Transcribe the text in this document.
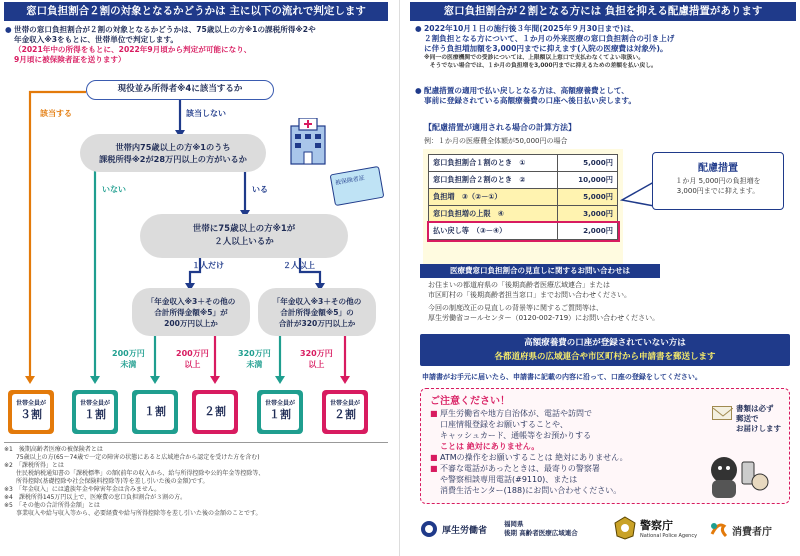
窓口負担割合２割の対象となるかどうかは 主に以下の流れで判定します
● 世帯の窓口負担割合が２割の対象となるかどうかは、75歳以上の方※1の課税所得※2や
年金収入※3をもとに、世帯単位で判定します。
（2021年中の所得をもとに、2022年9月頃から判定が可能になり、
9月頃に被保険者証を送ります）
現役並み所得者※4に該当するか
該当する	該当しない
世帯内75歳以上の方※1のうち
課税所得※2が28万円以上の方がいるか
いない	いる
被保険者証
世帯に75歳以上の方※1が
２人以上いるか
１人だけ	２人以上
「年金収入※3＋その他の
合計所得金額※5」が
200万円以上か
「年金収入※3＋その他の
合計所得金額※5」の
合計が320万円以上か
200万円
未満
200万円
以上
320万円
未満
320万円
以上
世帯全員が
３割
世帯全員が
１割	１割	２割
世帯全員が
１割
世帯全員が
２割
※1　後期高齢者医療の被保険者とは
　　75歳以上の方(65～74歳で一定の障害の状態にあると広域連合から認定を受けた方を含む)
※2　「課税所得」とは
　　住民税納税通知書の「課税標準」の額(前年の収入から、給与所得控除や公的年金等控除等、
　　所得控除(基礎控除や社会保険料控除等)等を差し引いた後の金額)です。
※3　「年金収入」には遺族年金や障害年金は含みません。
※4　課税所得145万円以上で、医療費の窓口負担割合が３割の方。
※5　「その他の合計所得金額」とは
　　事業収入や給与収入等から、必要経費や給与所得控除等を差し引いた後の金額のことです。
窓口負担割合が２割となる方には 負担を抑える配慮措置があります
● 2022年10月１日の施行後３年間(2025年９月30日まで)は、
２割負担となる方について、１か月の外来医療の窓口負担割合の引き上げ
に伴う負担増加額を3,000円までに抑えます(入院の医療費は対象外)。
※同一の医療機関での受診については、上限額以上窓口で支払わなくてよい取扱い。
　そうでない場合では、１か月の負担増を3,000円までに抑えるための差額を払い戻し。
● 配慮措置の適用で払い戻しとなる方は、高額療養費として、
事前に登録されている高額療養費の口座へ後日払い戻します。
【配慮措置が適用される場合の計算方法】
例：１か月の医療費全体額が50,000円の場合
窓口負担割合１割のとき　①	5,000円
窓口負担割合２割のとき　②	10,000円
負担増　③（②－①）	5,000円
窓口負担増の上限　④	3,000円
払い戻し等　（③－④）	2,000円
配慮措置
１か月 5,000円の負担増を
3,000円までに抑えます。
医療費窓口負担割合の見直しに関するお問い合わせは
お住まいの都道府県の「後期高齢者医療広域連合」または
市区町村の「後期高齢者担当窓口」までお問い合わせください。
今回の制度改正の見直しの背景等に関するご質問等は、
厚生労働省コールセンター（0120-002-719）にお問い合わせください。
高額療養費の口座が登録されていない方は
各都道府県の広域連合や市区町村から申請書を郵送します
申請書がお手元に届いたら、申請書に記載の内容に沿って、口座の登録をしてください。
ご注意ください！
■ 厚生労働省や地方自治体が、電話や訪問で
口座情報登録をお願いすることや、
キャッシュカード、通帳等をお預かりする
ことは 絶対にありません。
■ ATMの操作をお願いすることは 絶対にありません。
■ 不審な電話があったときは、最寄りの警察署
や警察相談専用電話(#9110)、または
消費生活センター(188)にお問い合わせください。
書類は必ず
郵送で
お届けします
厚生労働省
福岡県
後期 高齢者医療広域連合
警察庁
National Police Agency	消費者庁
